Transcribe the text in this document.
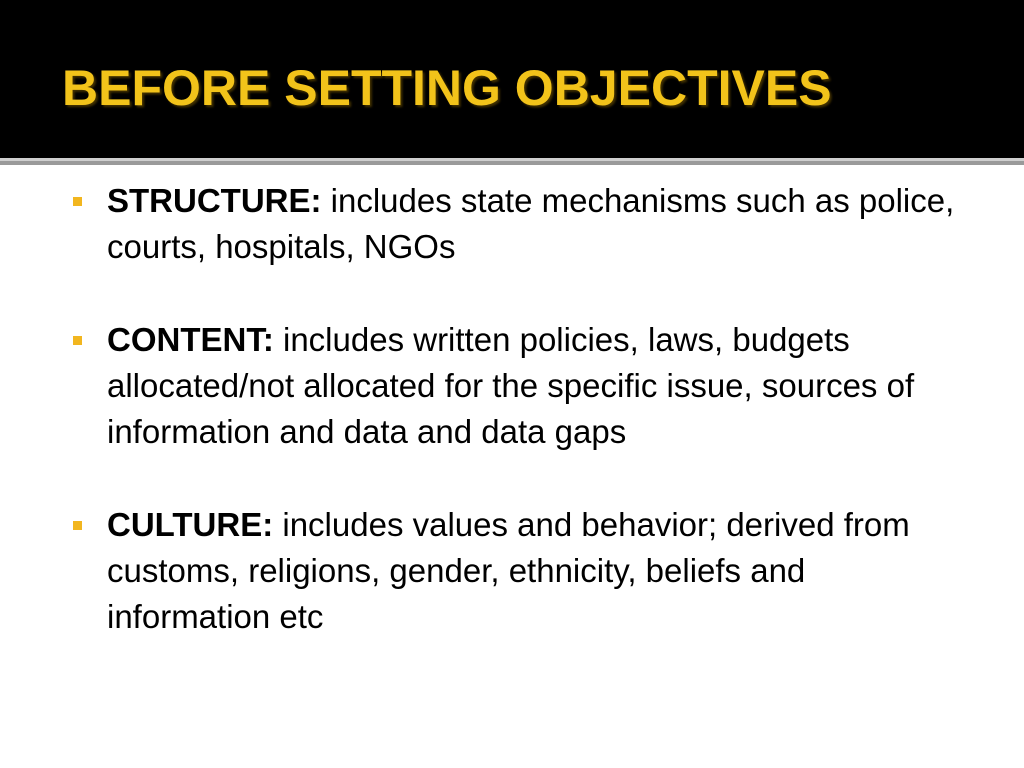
BEFORE SETTING OBJECTIVES
STRUCTURE: includes state mechanisms such as police, courts, hospitals, NGOs
CONTENT: includes written policies, laws, budgets allocated/not allocated for the specific issue, sources of information and data and data gaps
CULTURE: includes values and behavior; derived from customs, religions, gender, ethnicity, beliefs and information etc
